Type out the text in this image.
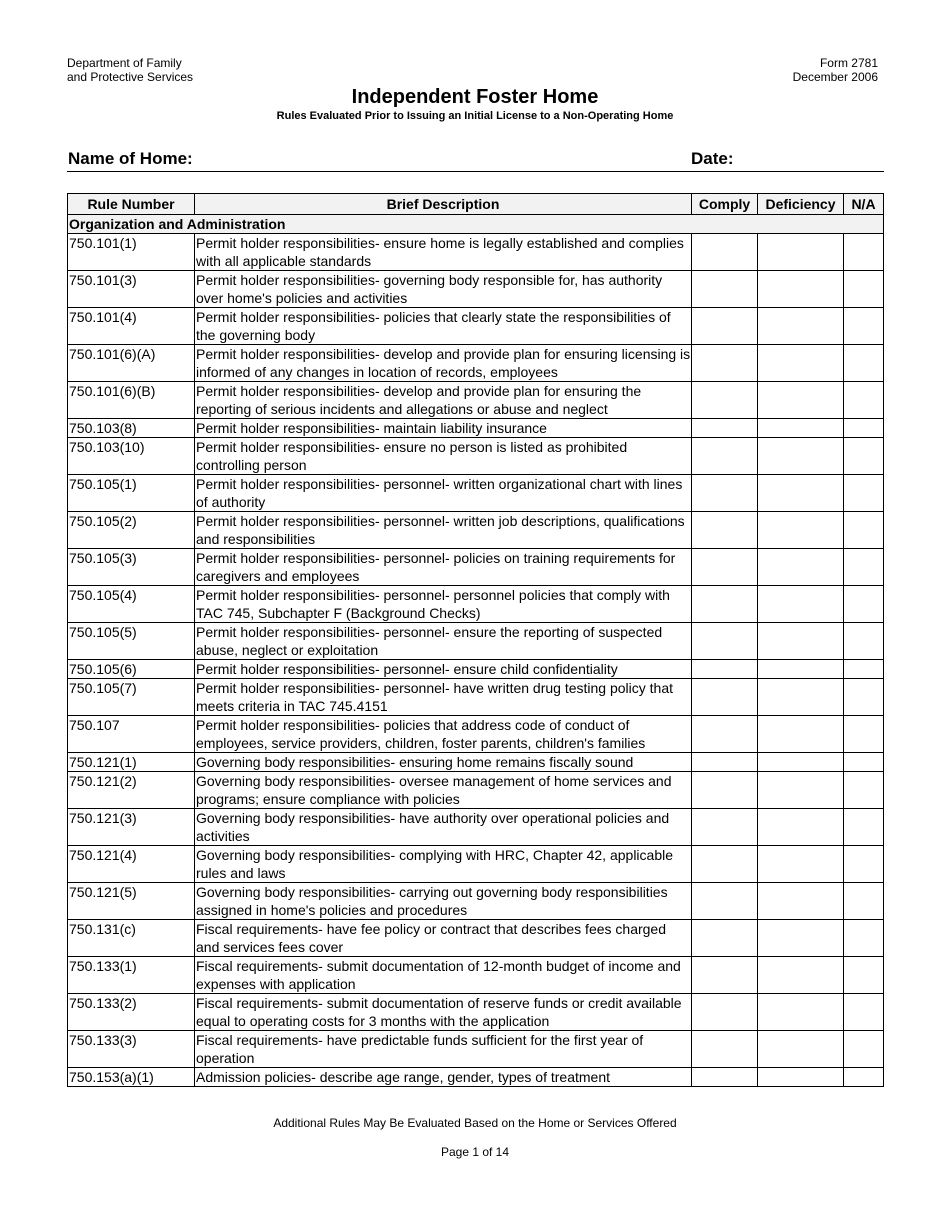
Department of Family
and Protective Services
Form 2781
December 2006
Independent Foster Home
Rules Evaluated Prior to Issuing an Initial License to a Non-Operating Home
Name of Home:	Date:
Rule Number	Brief Description	Comply	Deficiency	N/A
Organization and Administration				
750.101(1)	Permit holder responsibilities- ensure home is legally established and complies with all applicable standards			
750.101(3)	Permit holder responsibilities- governing body responsible for, has authority over home's policies and activities			
750.101(4)	Permit holder responsibilities- policies that clearly state the responsibilities of the governing body			
750.101(6)(A)	Permit holder responsibilities- develop and provide plan for ensuring licensing is informed of any changes in location of records, employees			
750.101(6)(B)	Permit holder responsibilities- develop and provide plan for ensuring the reporting of serious incidents and allegations or abuse and neglect			
750.103(8)	Permit holder responsibilities- maintain liability insurance			
750.103(10)	Permit holder responsibilities- ensure no person is listed as prohibited controlling person			
750.105(1)	Permit holder responsibilities- personnel- written organizational chart with lines of authority			
750.105(2)	Permit holder responsibilities- personnel- written job descriptions, qualifications and responsibilities			
750.105(3)	Permit holder responsibilities- personnel- policies on training requirements for caregivers and employees			
750.105(4)	Permit holder responsibilities- personnel- personnel policies that comply with TAC 745, Subchapter F (Background Checks)			
750.105(5)	Permit holder responsibilities- personnel- ensure the reporting of suspected abuse, neglect or exploitation			
750.105(6)	Permit holder responsibilities- personnel- ensure child confidentiality			
750.105(7)	Permit holder responsibilities- personnel- have written drug testing policy that meets criteria in TAC 745.4151			
750.107	Permit holder responsibilities- policies that address code of conduct of employees, service providers, children, foster parents, children's families			
750.121(1)	Governing body responsibilities- ensuring home remains fiscally sound			
750.121(2)	Governing body responsibilities- oversee management of home services and programs; ensure compliance with policies			
750.121(3)	Governing body responsibilities- have authority over operational policies and activities			
750.121(4)	Governing body responsibilities- complying with HRC, Chapter 42, applicable rules and laws			
750.121(5)	Governing body responsibilities- carrying out governing body responsibilities assigned in home's policies and procedures			
750.131(c)	Fiscal requirements- have fee policy or contract that describes fees charged and services fees cover			
750.133(1)	Fiscal requirements- submit documentation of 12-month budget of income and expenses with application			
750.133(2)	Fiscal requirements- submit documentation of reserve funds or credit available equal to operating costs for 3 months with the application			
750.133(3)	Fiscal requirements- have predictable funds sufficient for the first year of operation			
750.153(a)(1)	Admission policies- describe age range, gender, types of treatment			
Additional Rules May Be Evaluated Based on the Home or Services Offered
Page 1 of 14
